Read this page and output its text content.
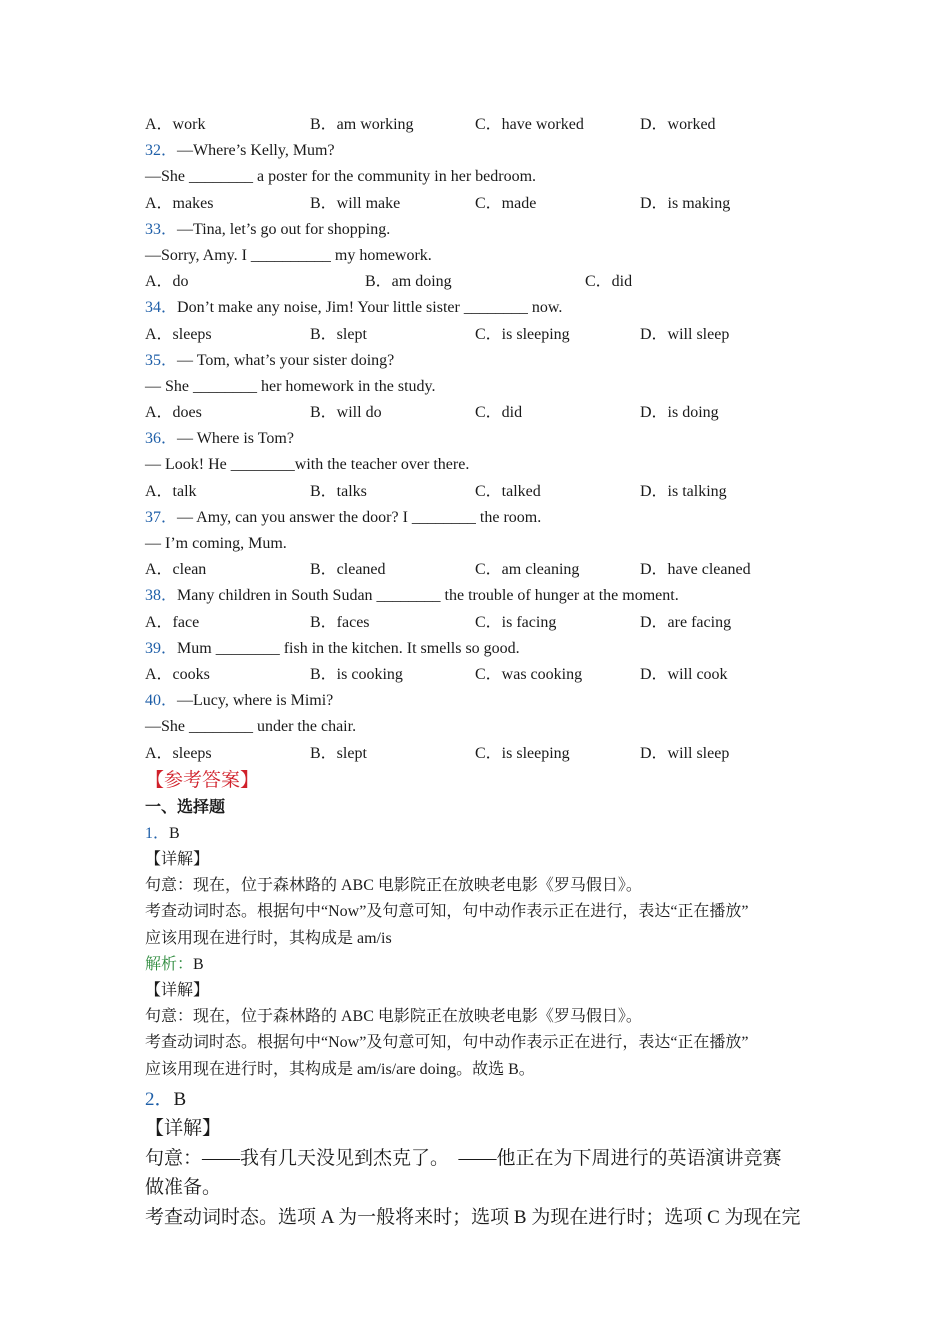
A．work	B．am working	C．have worked	D．worked
32．—Where’s Kelly, Mum?
—She ________ a poster for the community in her bedroom.
A．makes	B．will make	C．made	D．is making
33．—Tina, let’s go out for shopping.
—Sorry, Amy. I __________ my homework.
A．do	B．am doing	C．did
34．Don’t make any noise, Jim! Your little sister ________ now.
A．sleeps	B．slept	C．is sleeping	D．will sleep
35．— Tom, what’s your sister doing?
— She ________ her homework in the study.
A．does	B．will do	C．did	D．is doing
36．— Where is Tom?
— Look! He ________with the teacher over there.
A．talk	B．talks	C．talked	D．is talking
37．— Amy, can you answer the door? I ________ the room.
— I’m coming, Mum.
A．clean	B．cleaned	C．am cleaning	D．have cleaned
38．Many children in South Sudan ________ the trouble of hunger at the moment.
A．face	B．faces	C．is facing	D．are facing
39．Mum ________ fish in the kitchen. It smells so good.
A．cooks	B．is cooking	C．was cooking	D．will cook
40．—Lucy, where is Mimi?
—She ________ under the chair.
A．sleeps	B．slept	C．is sleeping	D．will sleep
【参考答案】
一、选择题
1．B
【详解】
句意：现在，位于森林路的 ABC 电影院正在放映老电影《罗马假日》。
考查动词时态。根据句中“Now”及句意可知，句中动作表示正在进行，表达“正在播放”
应该用现在进行时，其构成是 am/is
解析：B
【详解】
句意：现在，位于森林路的 ABC 电影院正在放映老电影《罗马假日》。
考查动词时态。根据句中“Now”及句意可知，句中动作表示正在进行，表达“正在播放”
应该用现在进行时，其构成是 am/is/are doing。故选 B。
2．B
【详解】
句意：——我有几天没见到杰克了。　——他正在为下周进行的英语演讲竞赛
做准备。
考查动词时态。选项 A 为一般将来时；选项 B 为现在进行时；选项 C 为现在完
